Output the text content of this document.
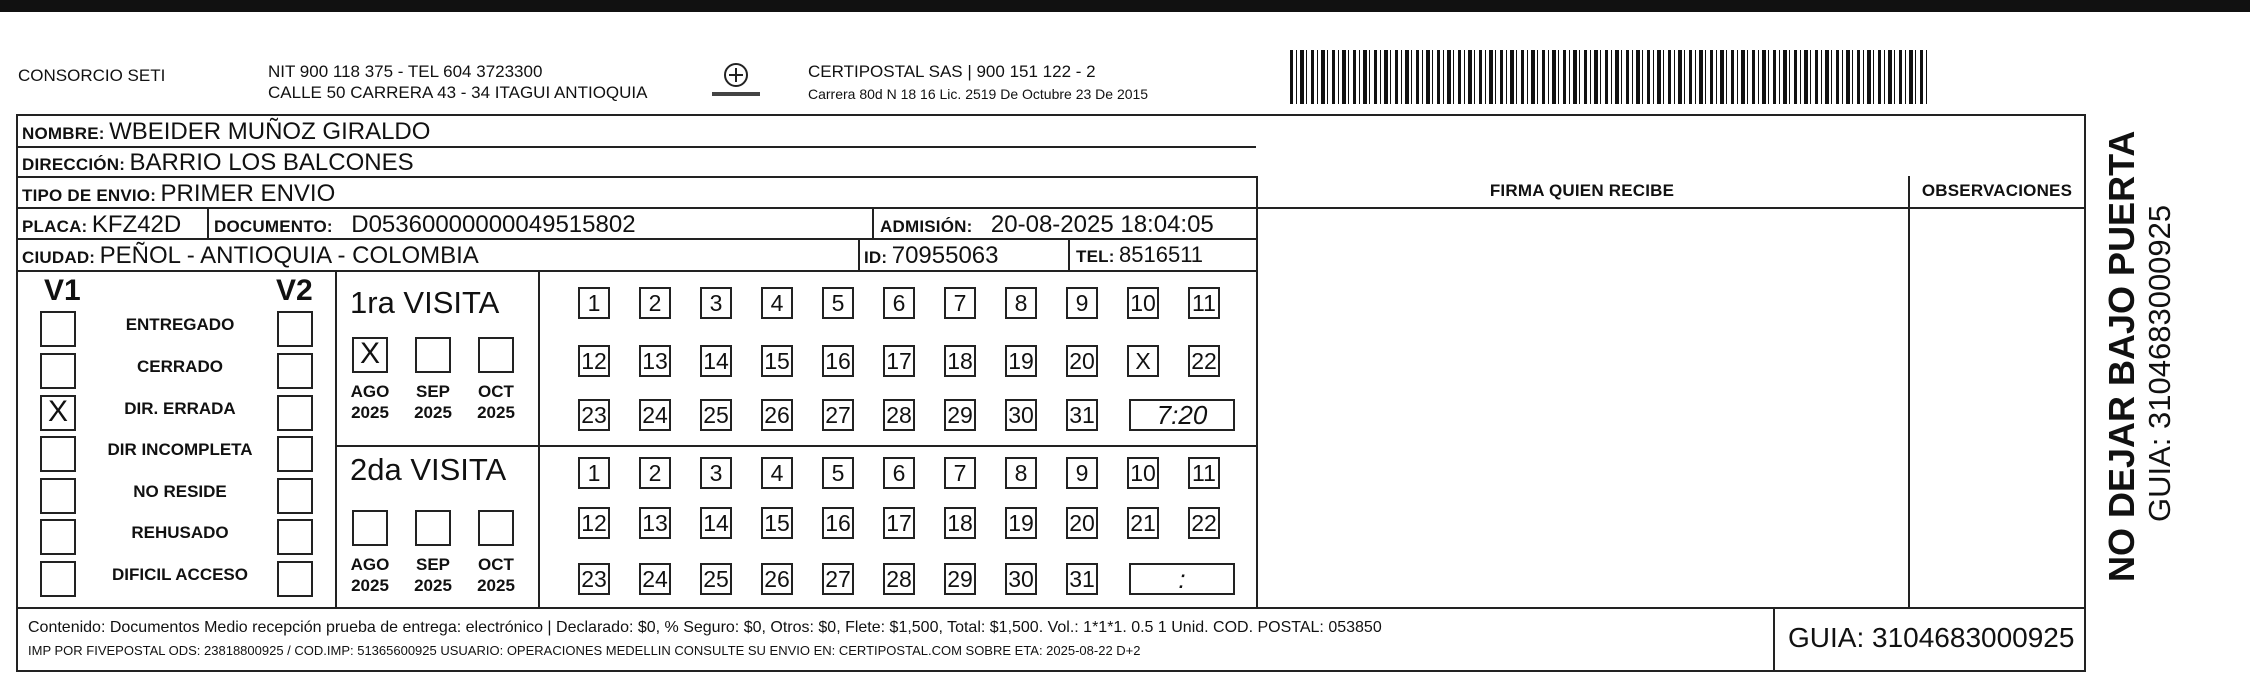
CONSORCIO SETI	NIT 900 118 375 - TEL 604 3723300
CALLE 50 CARRERA 43 - 34 ITAGUI ANTIOQUIA
CERTIPOSTAL SAS | 900 151 122 - 2
Carrera 80d N 18 16 Lic. 2519 De Octubre 23 De 2015
NOMBRE: WBEIDER MUÑOZ GIRALDO
DIRECCIÓN: BARRIO LOS BALCONES
TIPO DE ENVIO: PRIMER ENVIO
PLACA: KFZ42D DOCUMENTO: D05360000000049515802	ADMISIÓN: 20-08-2025 18:04:05
CIUDAD: PEÑOL - ANTIOQUIA - COLOMBIA	ID: 70955063	TEL: 8516511
FIRMA QUIEN RECIBE	OBSERVACIONES
V1	V2
ENTREGADO
CERRADO
X	DIR. ERRADA
DIR INCOMPLETA
NO RESIDE
REHUSADO
DIFICIL ACCESO
1ra VISITA
X
AGO
2025
SEP
2025
OCT
2025
1	2	3	4	5	6	7	8	9	10 11
12 13 14 15 16 17 18 19 20	X	22
23 24 25 26 27 28 29 30 31	7:20
2da VISITA
AGO
2025
SEP
2025
OCT
2025
1	2	3	4	5	6	7	8	9	10 11
12 13 14 15 16 17 18 19 20 21 22
23 24 25 26 27 28 29 30 31	:
Contenido: Documentos Medio recepción prueba de entrega: electrónico | Declarado: $0, % Seguro: $0, Otros: $0, Flete: $1,500, Total: $1,500. Vol.: 1*1*1. 0.5 1 Unid. COD. POSTAL: 053850
IMP POR FIVEPOSTAL ODS: 23818800925 / COD.IMP: 51365600925 USUARIO: OPERACIONES MEDELLIN CONSULTE SU ENVIO EN: CERTIPOSTAL.COM SOBRE ETA: 2025-08-22 D+2	GUIA: 3104683000925
NO DEJAR BAJO PUERTA GUIA: 3104683000925
